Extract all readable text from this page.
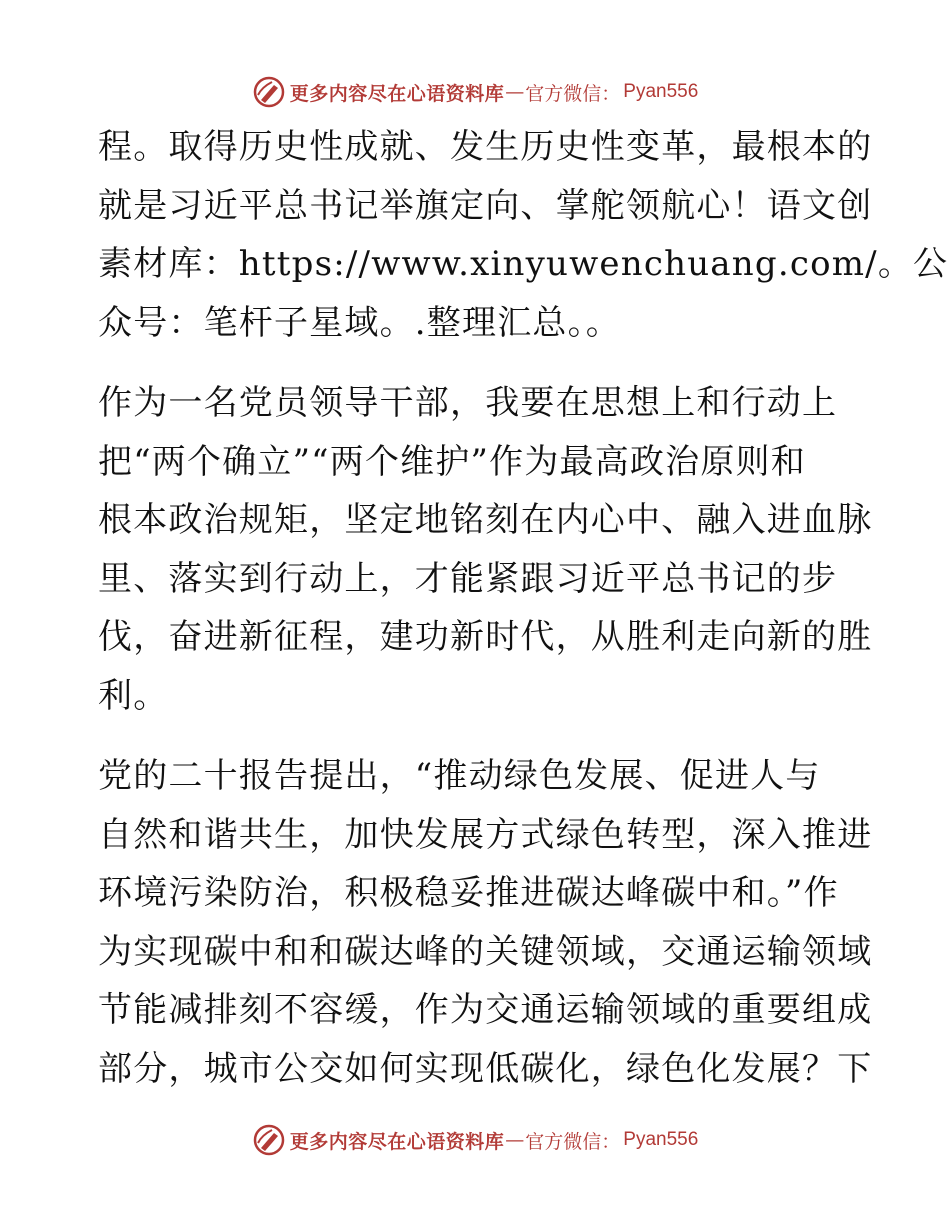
更多内容尽在心语资料库 — 官方微信 ： Pyan556
程。取得历史性成就、发生历史性变革，最根本的
就是习近平总书记举旗定向、掌舵领航心！语文创
素材库：https://www.xinyuwenchuang.com/。公
众号：笔杆子星域。.整理汇总。。
作为一名党员领导干部，我要在思想上和行动上
把“两个确立”“两个维护”作为最高政治原则和
根本政治规矩，坚定地铭刻在内心中、融入进血脉
里、落实到行动上，才能紧跟习近平总书记的步
伐，奋进新征程，建功新时代，从胜利走向新的胜
利。
党的二十报告提出，“推动绿色发展、促进人与
自然和谐共生，加快发展方式绿色转型，深入推进
环境污染防治，积极稳妥推进碳达峰碳中和。”作
为实现碳中和和碳达峰的关键领域，交通运输领域
节能减排刻不容缓，作为交通运输领域的重要组成
部分，城市公交如何实现低碳化，绿色化发展？下
更多内容尽在心语资料库 — 官方微信 ： Pyan556
